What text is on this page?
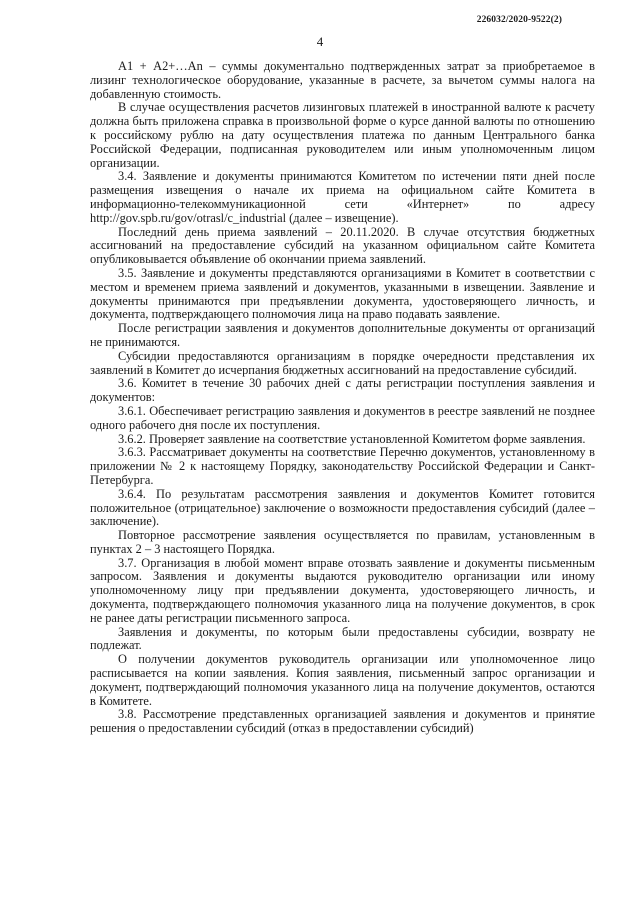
226032/2020-9522(2)
4

А1 + А2+…Аn – суммы документально подтвержденных затрат за приобретаемое в лизинг технологическое оборудование, указанные в расчете, за вычетом суммы налога на добавленную стоимость.

В случае осуществления расчетов лизинговых платежей в иностранной валюте к расчету должна быть приложена справка в произвольной форме о курсе данной валюты по отношению к российскому рублю на дату осуществления платежа по данным Центрального банка Российской Федерации, подписанная руководителем или иным уполномоченным лицом организации.

3.4. Заявление и документы принимаются Комитетом по истечении пяти дней после размещения извещения о начале их приема на официальном сайте Комитета в информационно-телекоммуникационной сети «Интернет» по адресу http://gov.spb.ru/gov/otrasl/c_industrial (далее – извещение).

Последний день приема заявлений – 20.11.2020. В случае отсутствия бюджетных ассигнований на предоставление субсидий на указанном официальном сайте Комитета опубликовывается объявление об окончании приема заявлений.

3.5. Заявление и документы представляются организациями в Комитет в соответствии с местом и временем приема заявлений и документов, указанными в извещении. Заявление и документы принимаются при предъявлении документа, удостоверяющего личность, и документа, подтверждающего полномочия лица на право подавать заявление.

После регистрации заявления и документов дополнительные документы от организаций не принимаются.

Субсидии предоставляются организациям в порядке очередности представления их заявлений в Комитет до исчерпания бюджетных ассигнований на предоставление субсидий.

3.6. Комитет в течение 30 рабочих дней с даты регистрации поступления заявления и документов:

3.6.1. Обеспечивает регистрацию заявления и документов в реестре заявлений не позднее одного рабочего дня после их поступления.

3.6.2. Проверяет заявление на соответствие установленной Комитетом форме заявления.

3.6.3. Рассматривает документы на соответствие Перечню документов, установленному в приложении № 2 к настоящему Порядку, законодательству Российской Федерации и Санкт-Петербурга.

3.6.4. По результатам рассмотрения заявления и документов Комитет готовится положительное (отрицательное) заключение о возможности предоставления субсидий (далее – заключение).

Повторное рассмотрение заявления осуществляется по правилам, установленным в пунктах 2 – 3 настоящего Порядка.

3.7. Организация в любой момент вправе отозвать заявление и документы письменным запросом. Заявления и документы выдаются руководителю организации или иному уполномоченному лицу при предъявлении документа, удостоверяющего личность, и документа, подтверждающего полномочия указанного лица на получение документов, в срок не ранее даты регистрации письменного запроса.

Заявления и документы, по которым были предоставлены субсидии, возврату не подлежат.

О получении документов руководитель организации или уполномоченное лицо расписывается на копии заявления. Копия заявления, письменный запрос организации и документ, подтверждающий полномочия указанного лица на получение документов, остаются в Комитете.

3.8. Рассмотрение представленных организацией заявления и документов и принятие решения о предоставлении субсидий (отказ в предоставлении субсидий)
